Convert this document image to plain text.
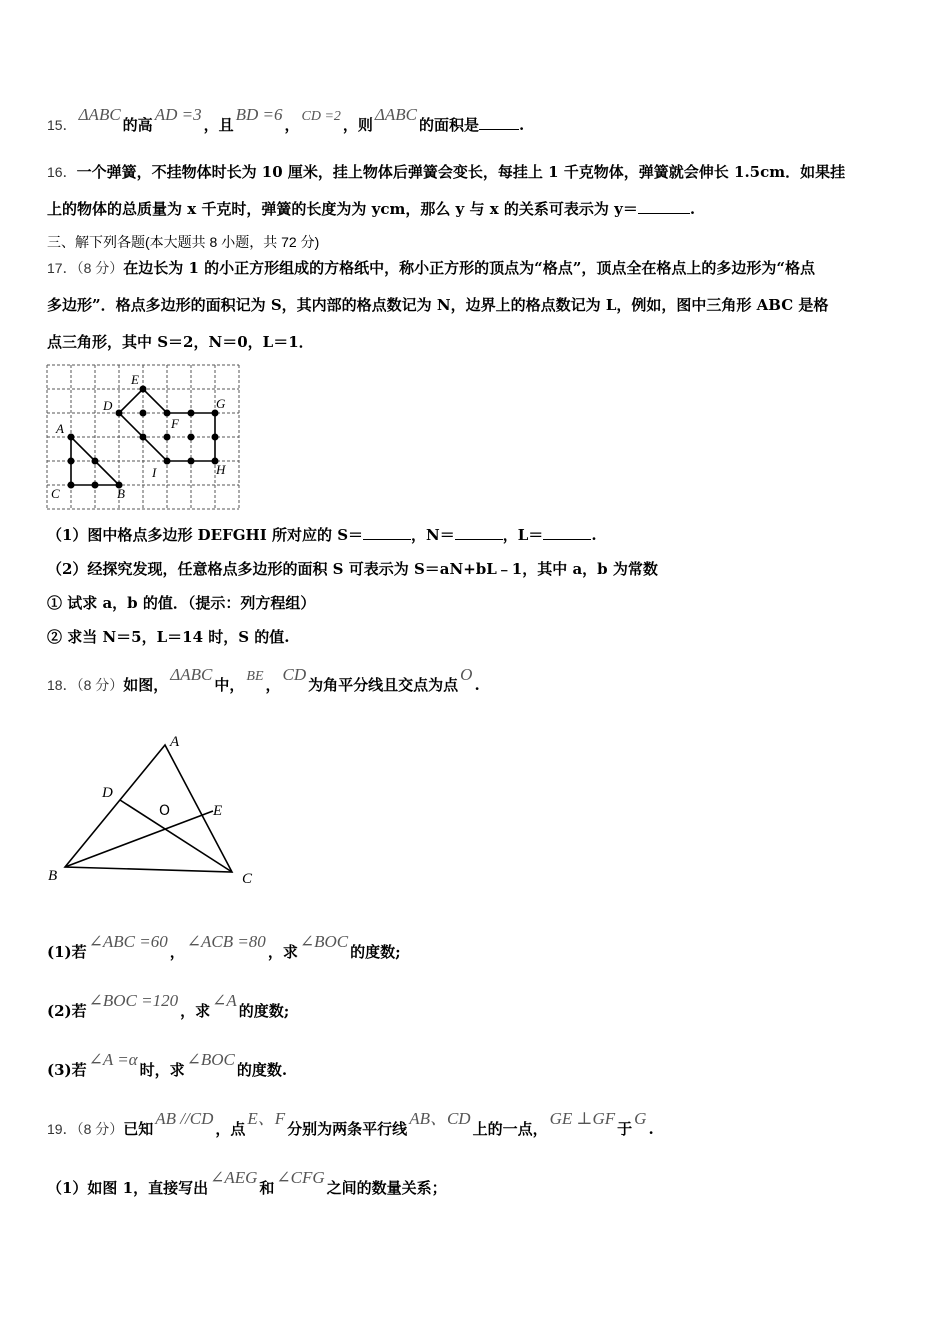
15．ΔABC的高AD =3，且BD =6， CD =2 ，则ΔABC的面积是	.
16．一个弹簧，不挂物体时长为 10 厘米，挂上物体后弹簧会变长，每挂上 1 千克物体，弹簧就会伸长 1.5cm．如果挂
上的物体的总质量为 x 千克时，弹簧的长度为为 ycm，那么 y 与 x 的关系可表示为 y＝	.
三、解下列各题(本大题共 8 小题，共 72 分)
17．（8 分）在边长为 1 的小正方形组成的方格纸中，称小正方形的顶点为“格点”，顶点全在格点上的多边形为“格点
多边形”．格点多边形的面积记为 S，其内部的格点数记为 N，边界上的格点数记为 L，例如，图中三角形 ABC 是格
点三角形，其中 S＝2，N＝0，L＝1．
A
B
C
D
E
F
G
H
I
（1）图中格点多边形 DEFGHI 所对应的 S＝	，N＝	，L＝	.
（2）经探究发现，任意格点多边形的面积 S 可表示为 S＝aN+bL﹣1，其中 a，b 为常数
① 试求 a，b 的值．（提示：列方程组）
② 求当 N＝5，L＝14 时，S 的值.
18．（8 分）如图，ΔABC中， BE ，CD为角平分线且交点为点O.
A
B	C
D
E
O
(1)若∠ABC =60，∠ACB =80，求∠BOC的度数;
(2)若∠BOC =120，求∠A的度数;
(3)若∠A =α时，求∠BOC的度数.
19．（8 分）已知AB //CD，点E、F分别为两条平行线AB、CD上的一点，GE ⊥GF于G.
（1）如图 1，直接写出∠AEG和∠CFG之间的数量关系；
